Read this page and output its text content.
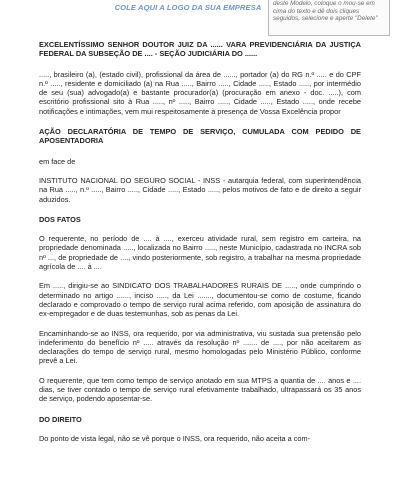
COLE AQUI A LOGO DA SUA EMPRESA	deste Modelo, coloque o mou-se em cima do texto e dê dois cliques seguidos, selecione e aperte "Delete"

EXCELENTÍSSIMO SENHOR DOUTOR JUIZ DA ...... VARA PREVIDENCIÁRIA DA JUSTIÇA FEDERAL DA SUBSEÇÃO DE .... - SEÇÃO JUDICIÁRIA DO ......

....., brasileiro (a), (estado civil), profissional da área de ......, portador (a) do RG n.º ..... e do CPF n.º ....., residente e domiciliado (a) na Rua ....., Bairro ....., Cidade ....., Estado ....., por intermédio de seu (sua) advogado(a) e bastante procurador(a) (procuração em anexo - doc. .....), com escritório profissional sito à Rua ....., nº ....., Bairro ....., Cidade ....., Estado ....., onde recebe notificações e intimações, vem mui respeitosamente à presença de Vossa Excelência propor

AÇÃO DECLARATÓRIA DE TEMPO DE SERVIÇO, CUMULADA COM PEDIDO DE APOSENTADORIA

em face de

INSTITUTO NACIONAL DO SEGURO SOCIAL - INSS - autarquia federal, com superintendência na Rua ....., n.º ....., Bairro ....., Cidade ....., Estado ....., pelos motivos de fato e de direito a seguir aduzidos.

DOS FATOS

O requerente, no período de .... à ...., exerceu atividade rural, sem registro em carteira, na propriedade denominada ....., localizada no Bairro ....., neste Município, cadastrada no INCRA sob nº ..., de propriedade de ...., vindo posteriormente, sob registro, a trabalhar na mesma propriedade agrícola de .... à ....

Em ....., dirigiu-se ao SINDICATO DOS TRABALHADORES RURAIS DE ....., onde cumprindo o determinado no artigo ......, inciso ....., da Lei ......., documentou-se como de costume, ficando declarado e comprovado o tempo de serviço rural acima referido, com aposição de assinatura do ex-empregador e de duas testemunhas, sob as penas da Lei.

Encaminhando-se ao INSS, ora requerido, por via administrativa, viu sustada sua pretensão pelo indeferimento do benefício nº ..... através da resolução nº ....... de ...., por não aceitarem as declarações do tempo de serviço rural, mesmo homologadas pelo Ministério Público, conforme prevê a Lei.

O requerente, que tem como tempo de serviço anotado em sua MTPS a quantia de .... anos e .... dias, se tiver contado o tempo de serviço rural efetivamente trabalhado, ultrapassará os 35 anos de serviço, podendo aposentar-se.

DO DIREITO

Do ponto de vista legal, não se vê porque o INSS, ora requerido, não aceita a com-
